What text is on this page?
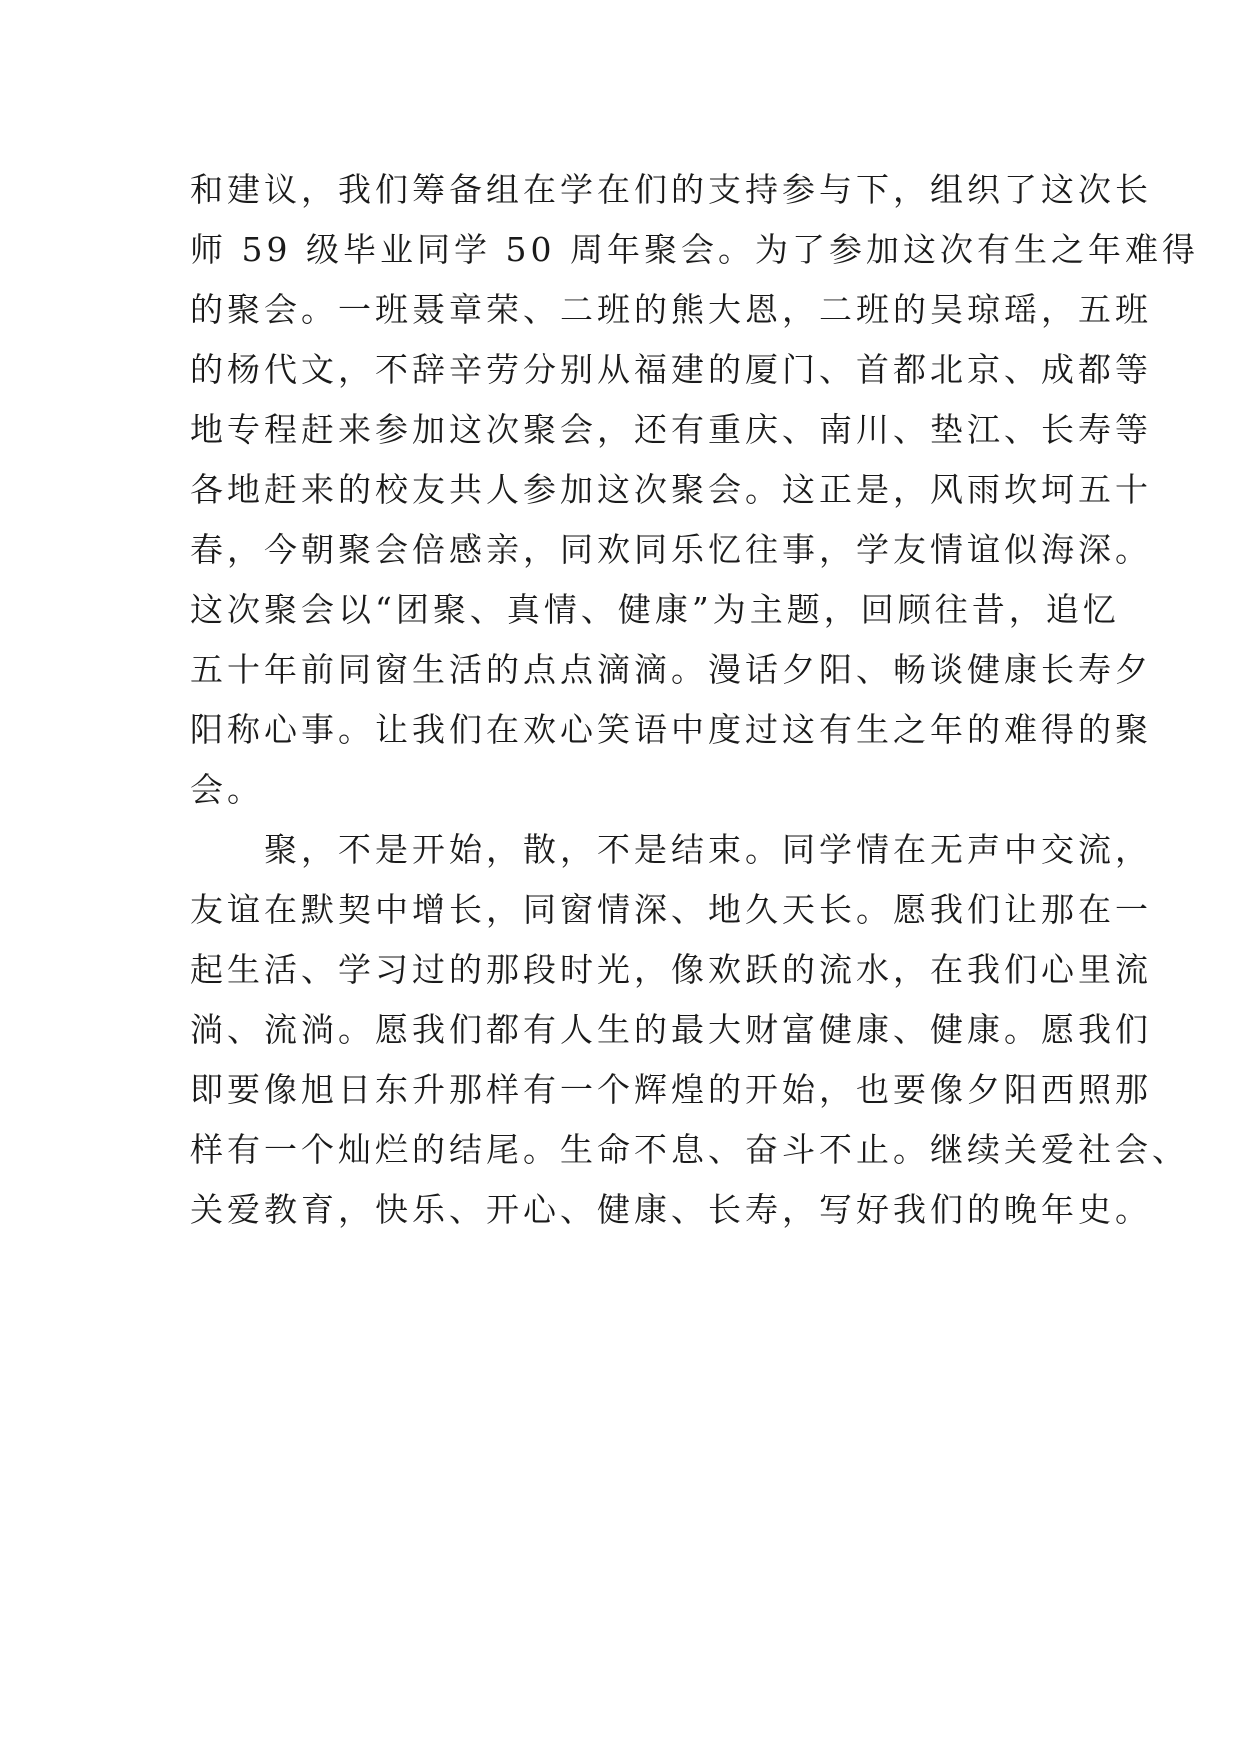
和建议，我们筹备组在学在们的支持参与下，组织了这次长
师 59 级毕业同学 50 周年聚会。为了参加这次有生之年难得
的聚会。一班聂章荣、二班的熊大恩，二班的吴琼瑶，五班
的杨代文，不辞辛劳分别从福建的厦门、首都北京、成都等
地专程赶来参加这次聚会，还有重庆、南川、垫江、长寿等
各地赶来的校友共人参加这次聚会。这正是，风雨坎坷五十
春，今朝聚会倍感亲，同欢同乐忆往事，学友情谊似海深。
这次聚会以“团聚、真情、健康”为主题，回顾往昔，追忆
五十年前同窗生活的点点滴滴。漫话夕阳、畅谈健康长寿夕
阳称心事。让我们在欢心笑语中度过这有生之年的难得的聚
会。
　　聚，不是开始，散，不是结束。同学情在无声中交流，
友谊在默契中增长，同窗情深、地久天长。愿我们让那在一
起生活、学习过的那段时光，像欢跃的流水，在我们心里流
淌、流淌。愿我们都有人生的最大财富健康、健康。愿我们
即要像旭日东升那样有一个辉煌的开始，也要像夕阳西照那
样有一个灿烂的结尾。生命不息、奋斗不止。继续关爱社会、
关爱教育，快乐、开心、健康、长寿，写好我们的晚年史。
